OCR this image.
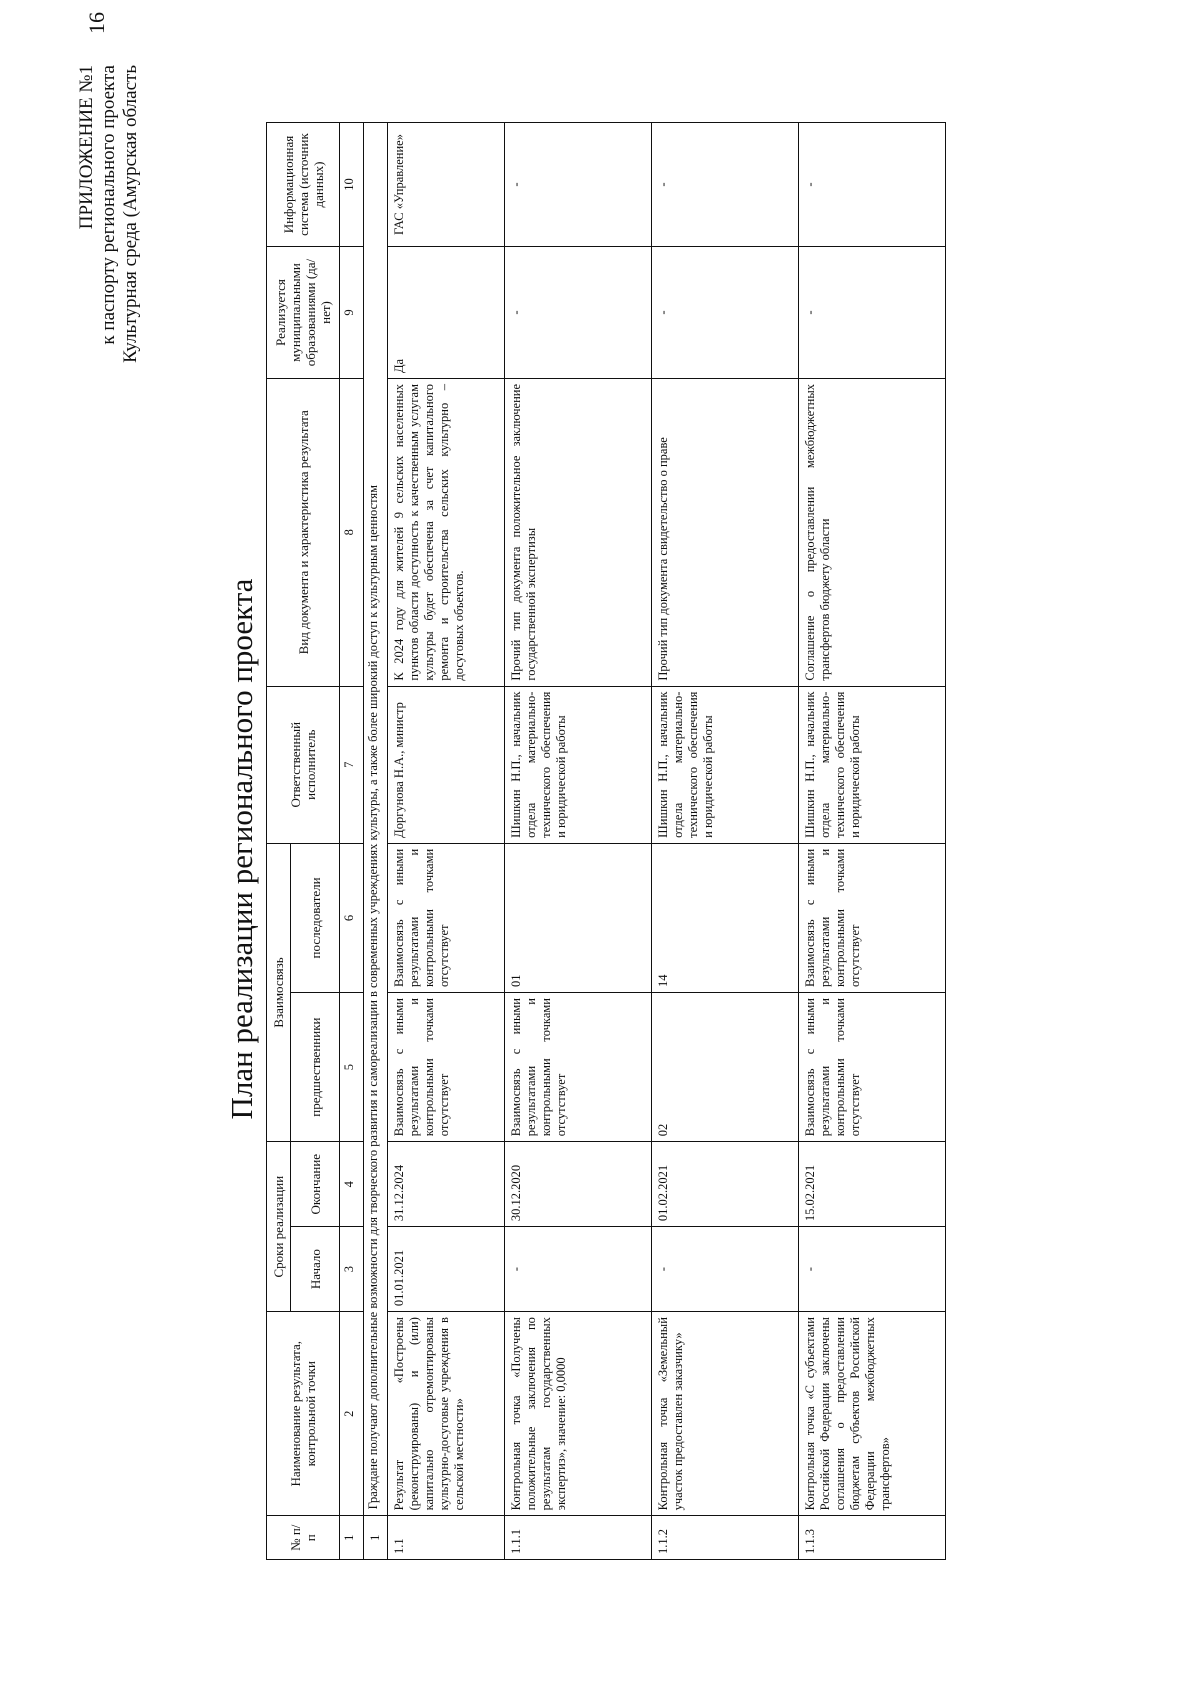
16
ПРИЛОЖЕНИЕ №1 к паспорту регионального проекта Культурная среда (Амурская область
План реализации регионального проекта
№ п/п	Наименование результата, контрольной точки	Сроки реализации		Взаимосвязь		Ответственный исполнитель	Вид документа и характеристика результата	Реализуется муниципальными образованиями (да/нет)	Информационная система (источник данных)
		Начало	Окончание	предшественники	последователи				
1	2	3	4	5	6	7	8	9	10
1	Граждане получают дополнительные возможности для творческого развития и самореализации в современных учреждениях культуры, а также более широкий доступ к культурным ценностям								
1.1	Результат «Построены (реконструированы) и (или) капитально отремонтированы культурно-досуговые учреждения в сельской местности»	01.01.2021	31.12.2024	Взаимосвязь с иными результатами и контрольными точками отсутствует	Взаимосвязь с иными результатами и контрольными точками отсутствует	Доргунова Н.А., министр	К 2024 году для жителей 9 сельских населенных пунктов области доступность к качественным услугам культуры будет обеспечена за счет капитального ремонта и строительства сельских культурно – досуговых объектов.	Да	ГАС «Управление»
1.1.1	Контрольная точка «Получены положительные заключения по результатам государственных экспертиз», значение: 0,0000	-	30.12.2020	Взаимосвязь с иными результатами и контрольными точками отсутствует	01	Шишкин Н.П., начальник отдела материально-технического обеспечения и юридической работы	Прочий тип документа положительное заключение государственной экспертизы	-	-
1.1.2	Контрольная точка «Земельный участок предоставлен заказчику»	-	01.02.2021	02	14	Шишкин Н.П., начальник отдела материально-технического обеспечения и юридической работы	Прочий тип документа свидетельство о праве	-	-
1.1.3	Контрольная точка «С субъектами Российской Федерации заключены соглашения о предоставлении бюджетам субъектов Российской Федерации межбюджетных трансфертов»	-	15.02.2021	Взаимосвязь с иными результатами и контрольными точками отсутствует	Взаимосвязь с иными результатами и контрольными точками отсутствует	Шишкин Н.П., начальник отдела материально-технического обеспечения и юридической работы	Соглашение о предоставлении межбюджетных трансфертов бюджету области	-	-
